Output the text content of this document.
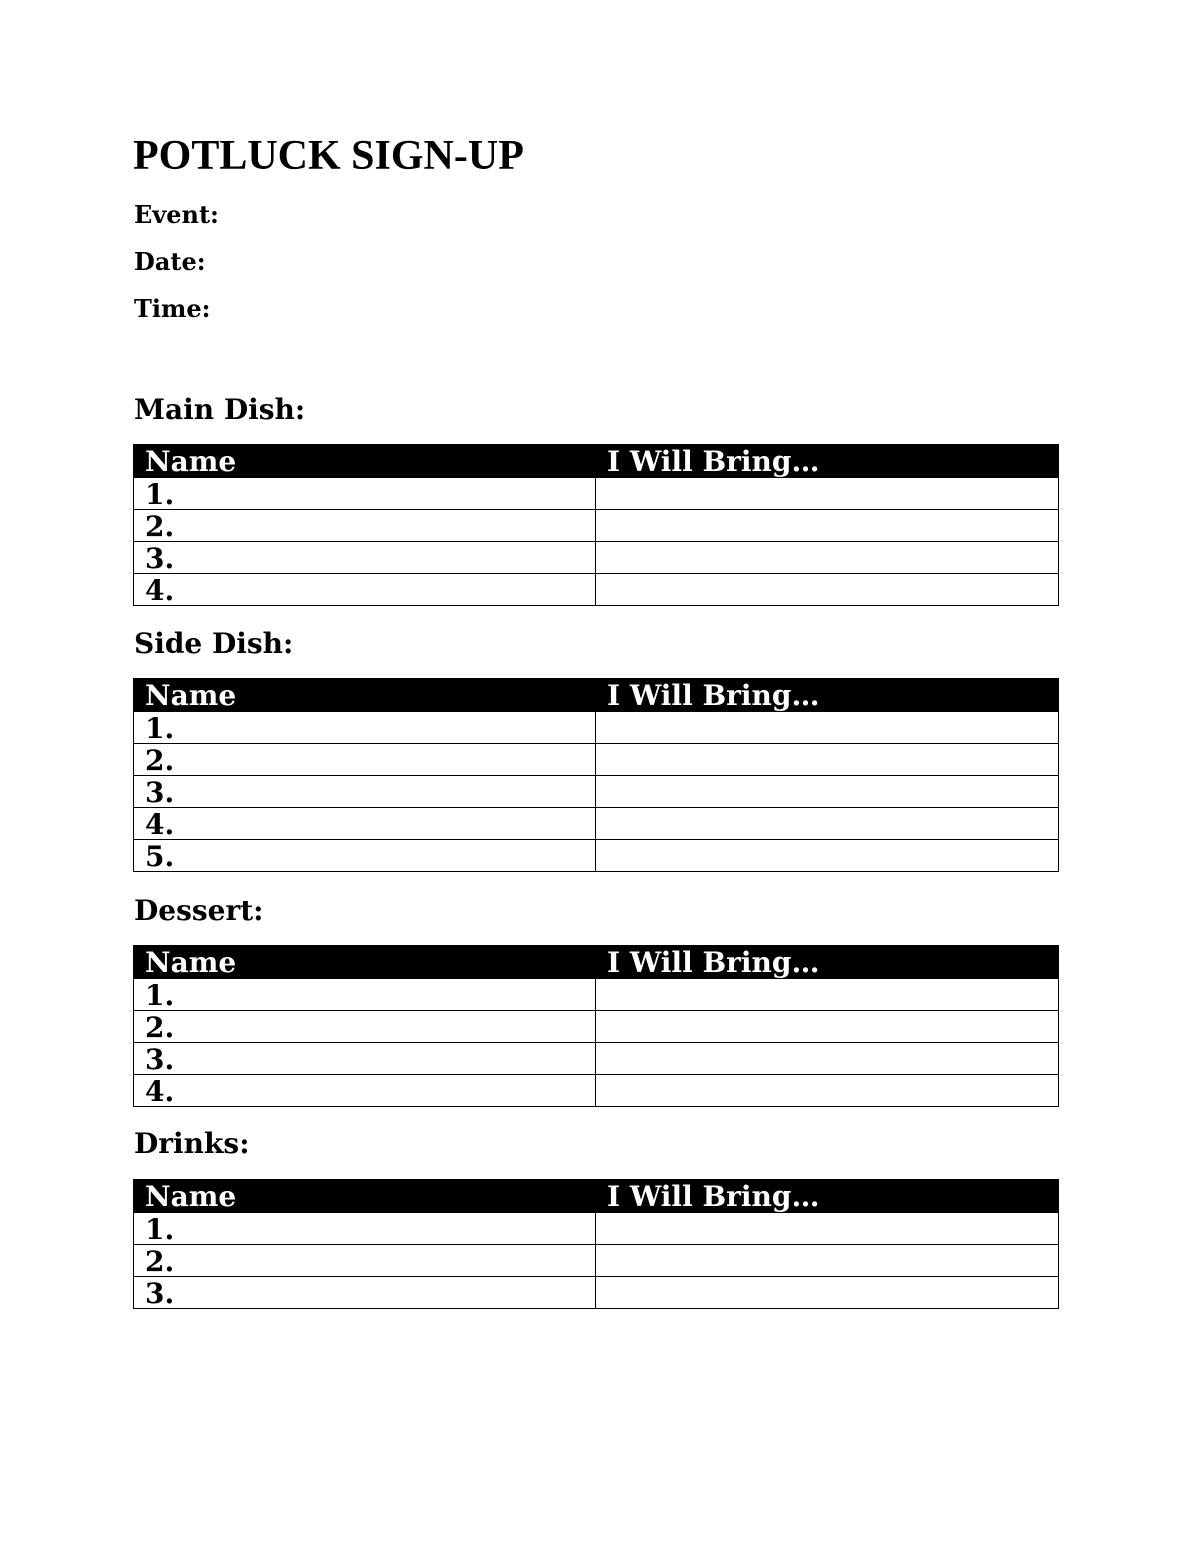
POTLUCK SIGN-UP
Event:
Date:
Time:
Main Dish:
Name	I Will Bring…
1.	
2.	
3.	
4.	
Side Dish:
Name	I Will Bring…
1.	
2.	
3.	
4.	
5.	
Dessert:
Name	I Will Bring…
1.	
2.	
3.	
4.	
Drinks:
Name	I Will Bring…
1.	
2.	
3.	
